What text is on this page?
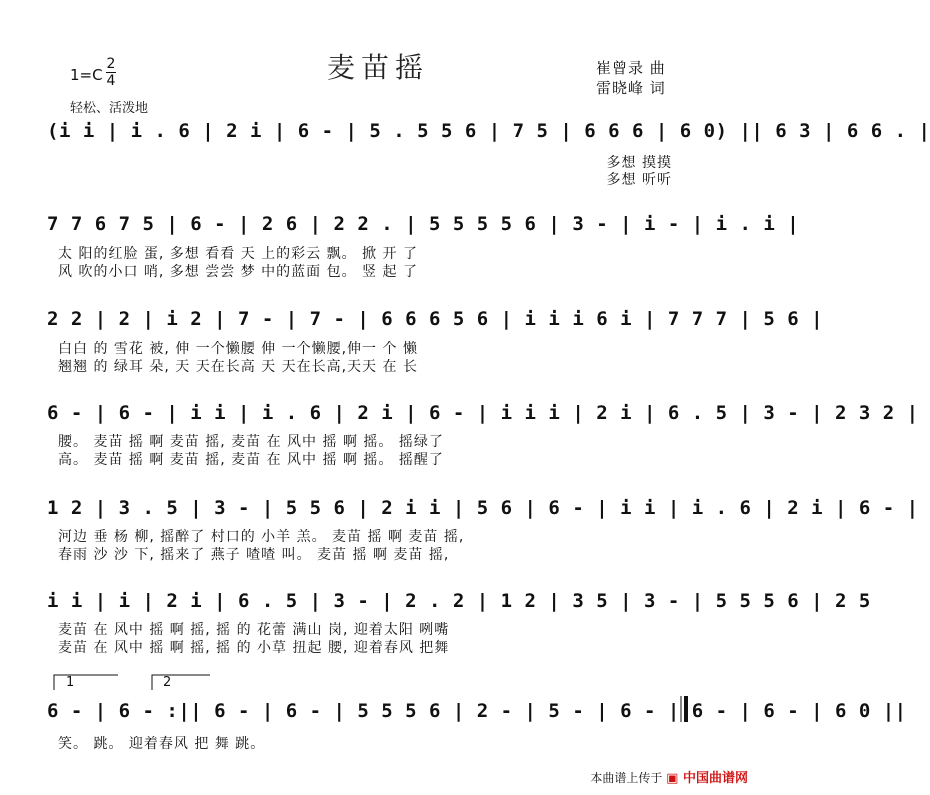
麦苗摇
1=C
2
4
崔曾录 曲
雷晓峰 词
轻松、活泼地
(i i | i . 6 | 2 i | 6 - | 5 . 5 5 6 | 7 5 | 6 6 6 | 6 0) || 6 3 | 6 6 . |
多想 摸摸
多想 听听
7 7 6 7 5 | 6 - | 2 6 | 2 2 . | 5 5 5 5 6 | 3 - | i - | i . i |
太 阳的红脸 蛋, 多想 看看 天 上的彩云 飘。 掀 开 了
风 吹的小口 哨, 多想 尝尝 梦 中的蓝面 包。 竖 起 了
2 2 | 2 | i 2 | 7 - | 7 - | 6 6 6 5 6 | i i i 6 i | 7 7 7 | 5 6 |
白白 的 雪花 被, 伸 一个懒腰 伸 一个懒腰,伸一 个 懒
翘翘 的 绿耳 朵, 天 天在长高 天 天在长高,天天 在 长
6 - | 6 - | i i | i . 6 | 2 i | 6 - | i i i | 2 i | 6 . 5 | 3 - | 2 3 2 |
腰。 麦苗 摇 啊 麦苗 摇, 麦苗 在 风中 摇 啊 摇。 摇绿了
高。 麦苗 摇 啊 麦苗 摇, 麦苗 在 风中 摇 啊 摇。 摇醒了
1 2 | 3 . 5 | 3 - | 5 5 6 | 2 i i | 5 6 | 6 - | i i | i . 6 | 2 i | 6 - |
河边 垂 杨 柳, 摇醉了 村口的 小羊 羔。 麦苗 摇 啊 麦苗 摇,
春雨 沙 沙 下, 摇来了 燕子 喳喳 叫。 麦苗 摇 啊 麦苗 摇,
i i | i | 2 i | 6 . 5 | 3 - | 2 . 2 | 1 2 | 3 5 | 3 - | 5 5 5 6 | 2 5
麦苗 在 风中 摇 啊 摇, 摇 的 花蕾 满山 岗, 迎着太阳 咧嘴
麦苗 在 风中 摇 啊 摇, 摇 的 小草 扭起 腰, 迎着春风 把舞
1	2
6 - | 6 - :|| 6 - | 6 - | 5 5 5 6 | 2 - | 5 - | 6 - | 6 - | 6 - | 6 0 ||
笑。 跳。 迎着春风 把 舞 跳。
本曲谱上传于 ▣ 中国曲谱网
